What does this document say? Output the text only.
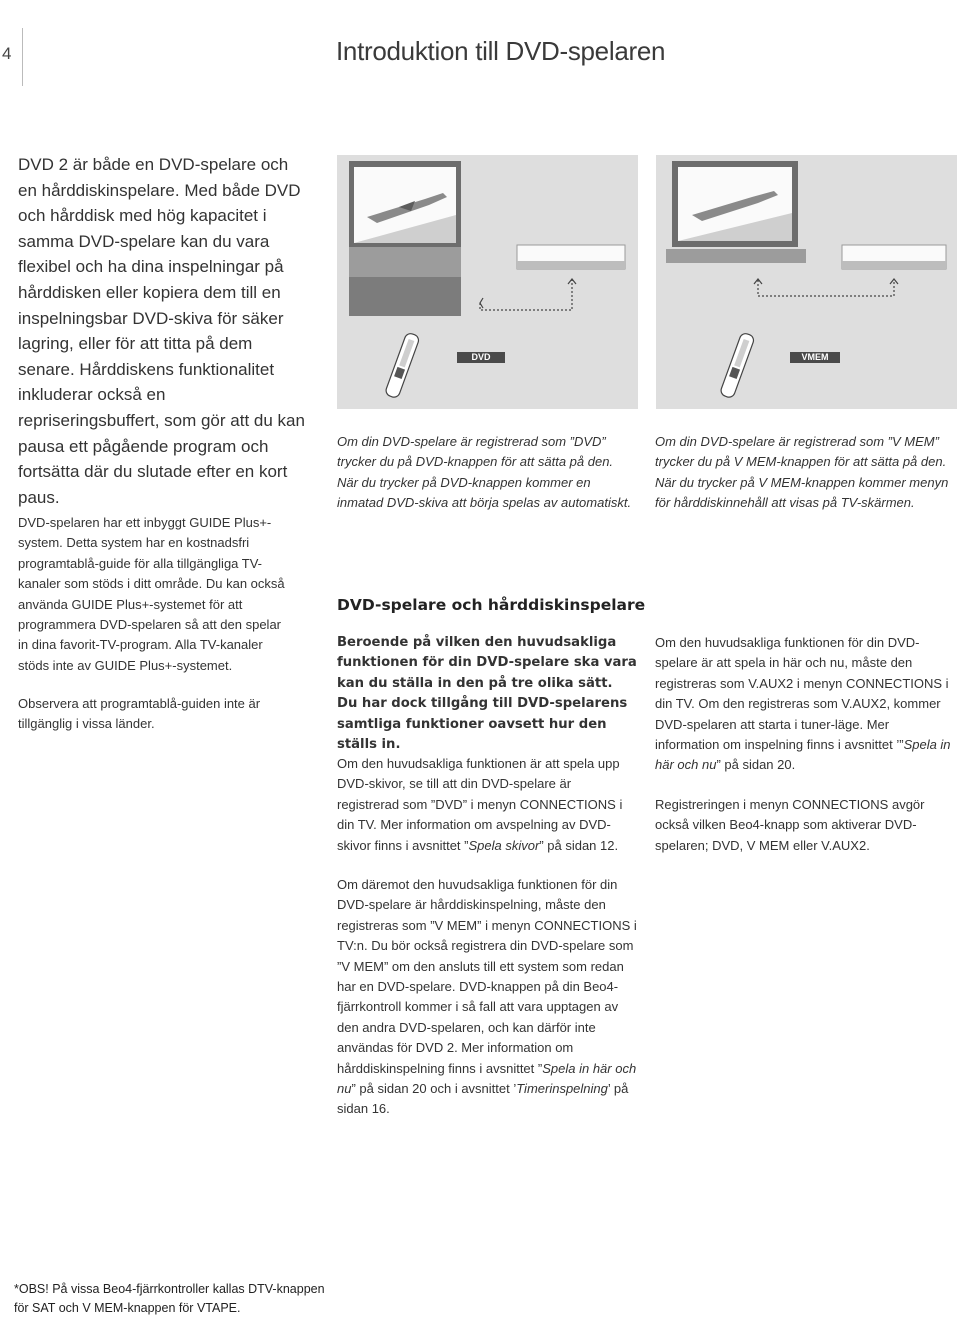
4	Introduktion till DVD-spelaren

DVD 2 är både en DVD-spelare och en hårddiskinspelare. Med både DVD och hårddisk med hög kapacitet i samma DVD-spelare kan du vara flexibel och ha dina inspelningar på hårddisken eller kopiera dem till en inspelningsbar DVD-skiva för säker lagring, eller för att titta på dem senare. Hårddiskens funktionalitet inkluderar också en repriseringsbuffert, som gör att du kan pausa ett pågående program och fortsätta där du slutade efter en kort paus.

DVD-spelaren har ett inbyggt GUIDE Plus+-system. Detta system har en kostnadsfri programtablå-guide för alla tillgängliga TV-kanaler som stöds i ditt område. Du kan också använda GUIDE Plus+-systemet för att programmera DVD-spelaren så att den spelar in dina favorit-TV-program. Alla TV-kanaler stöds inte av GUIDE Plus+-systemet.

Observera att programtablå-guiden inte är tillgänglig i vissa länder.

DVD

Om din DVD-spelare är registrerad som ”DVD” trycker du på DVD-knappen för att sätta på den. När du trycker på DVD-knappen kommer en inmatad DVD-skiva att börja spelas av automatiskt.

VMEM

Om din DVD-spelare är registrerad som ”V MEM” trycker du på V MEM-knappen för att sätta på den. När du trycker på V MEM-knappen kommer menyn för hårddiskinnehåll att visas på TV-skärmen.

DVD-spelare och hårddiskinspelare

Beroende på vilken den huvudsakliga funktionen för din DVD-spelare ska vara kan du ställa in den på tre olika sätt. Du har dock tillgång till DVD-spelarens samtliga funktioner oavsett hur den ställs in.

Om den huvudsakliga funktionen är att spela upp DVD-skivor, se till att din DVD-spelare är registrerad som ”DVD” i menyn CONNECTIONS i din TV. Mer information om avspelning av DVD-skivor finns i avsnittet ”Spela skivor” på sidan 12.

Om däremot den huvudsakliga funktionen för din DVD-spelare är hårddiskinspelning, måste den registreras som ”V MEM” i menyn CONNECTIONS i TV:n. Du bör också registrera din DVD-spelare som ”V MEM” om den ansluts till ett system som redan har en DVD-spelare. DVD-knappen på din Beo4-fjärrkontroll kommer i så fall att vara upptagen av den andra DVD-spelaren, och kan därför inte användas för DVD 2. Mer information om hårddiskinspelning finns i avsnittet ”Spela in här och nu” på sidan 20 och i avsnittet ’Timerinspelning’ på sidan 16.

Om den huvudsakliga funktionen för din DVD-spelare är att spela in här och nu, måste den registreras som V.AUX2 i menyn CONNECTIONS i din TV. Om den registreras som V.AUX2, kommer DVD-spelaren att starta i tuner-läge. Mer information om inspelning finns i avsnittet ’”Spela in här och nu” på sidan 20.

Registreringen i menyn CONNECTIONS avgör också vilken Beo4-knapp som aktiverar DVD-spelaren; DVD, V MEM eller V.AUX2.

*OBS! På vissa Beo4-fjärrkontroller kallas DTV-knappen för SAT och V MEM-knappen för VTAPE.
